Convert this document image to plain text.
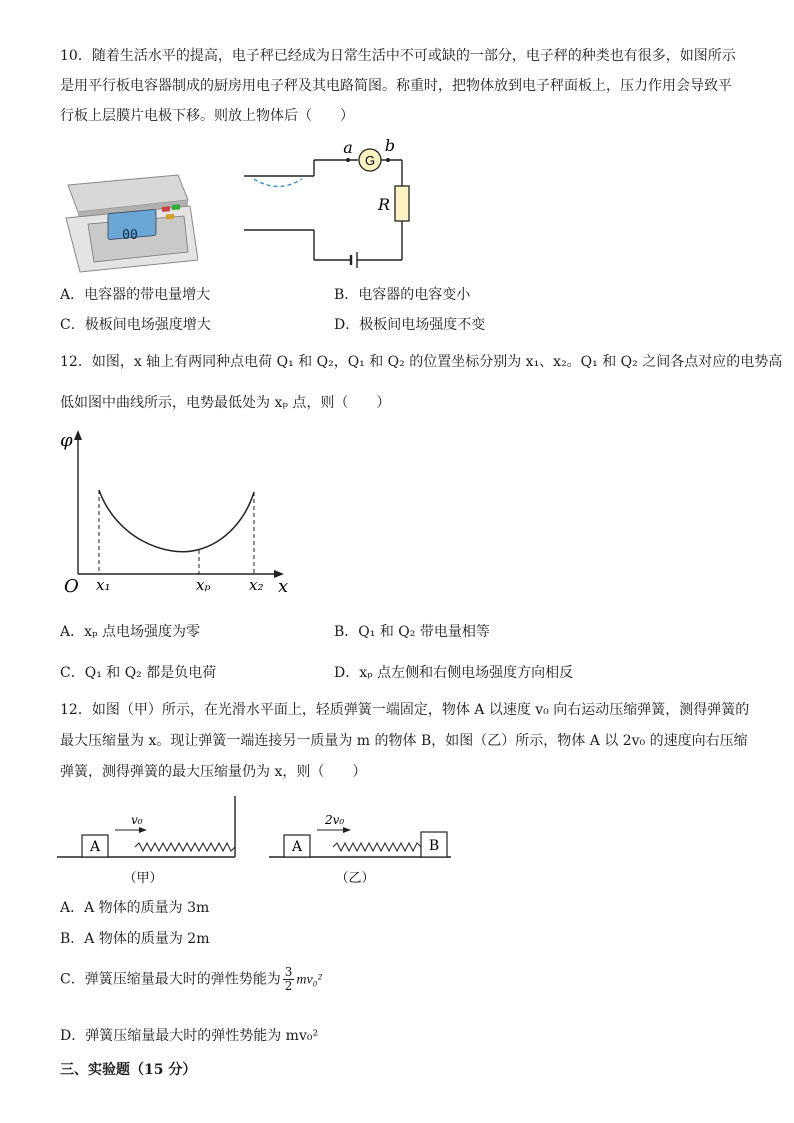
10．随着生活水平的提高，电子秤已经成为日常生活中不可或缺的一部分，电子秤的种类也有很多，如图所示
是用平行板电容器制成的厨房用电子秤及其电路简图。称重时，把物体放到电子秤面板上，压力作用会导致平
行板上层膜片电极下移。则放上物体后（　　）
00
G
a b
R
A．电容器的带电量增大	B．电容器的电容变小
C．极板间电场强度增大	D．极板间电场强度不变
12．如图，x 轴上有两同种点电荷 Q₁ 和 Q₂，Q₁ 和 Q₂ 的位置坐标分别为 x₁、x₂。Q₁ 和 Q₂ 之间各点对应的电势高
低如图中曲线所示，电势最低处为 xₚ 点，则（　　）
φ
O x₁	xₚ	x₂ x
A．xₚ 点电场强度为零	B．Q₁ 和 Q₂ 带电量相等
C．Q₁ 和 Q₂ 都是负电荷	D．xₚ 点左侧和右侧电场强度方向相反
12．如图（甲）所示，在光滑水平面上，轻质弹簧一端固定，物体 A 以速度 v₀ 向右运动压缩弹簧，测得弹簧的
最大压缩量为 x。现让弹簧一端连接另一质量为 m 的物体 B，如图（乙）所示，物体 A 以 2v₀ 的速度向右压缩
弹簧，测得弹簧的最大压缩量仍为 x，则（　　）
A
v₀
（甲）
A	B
2v₀
（乙）
A．A 物体的质量为 3m
B．A 物体的质量为 2m
C．弹簧压缩量最大时的弹性势能为 $\frac{3}{2} mv_0^2$
D．弹簧压缩量最大时的弹性势能为 mv₀²
三、实验题（15 分）
